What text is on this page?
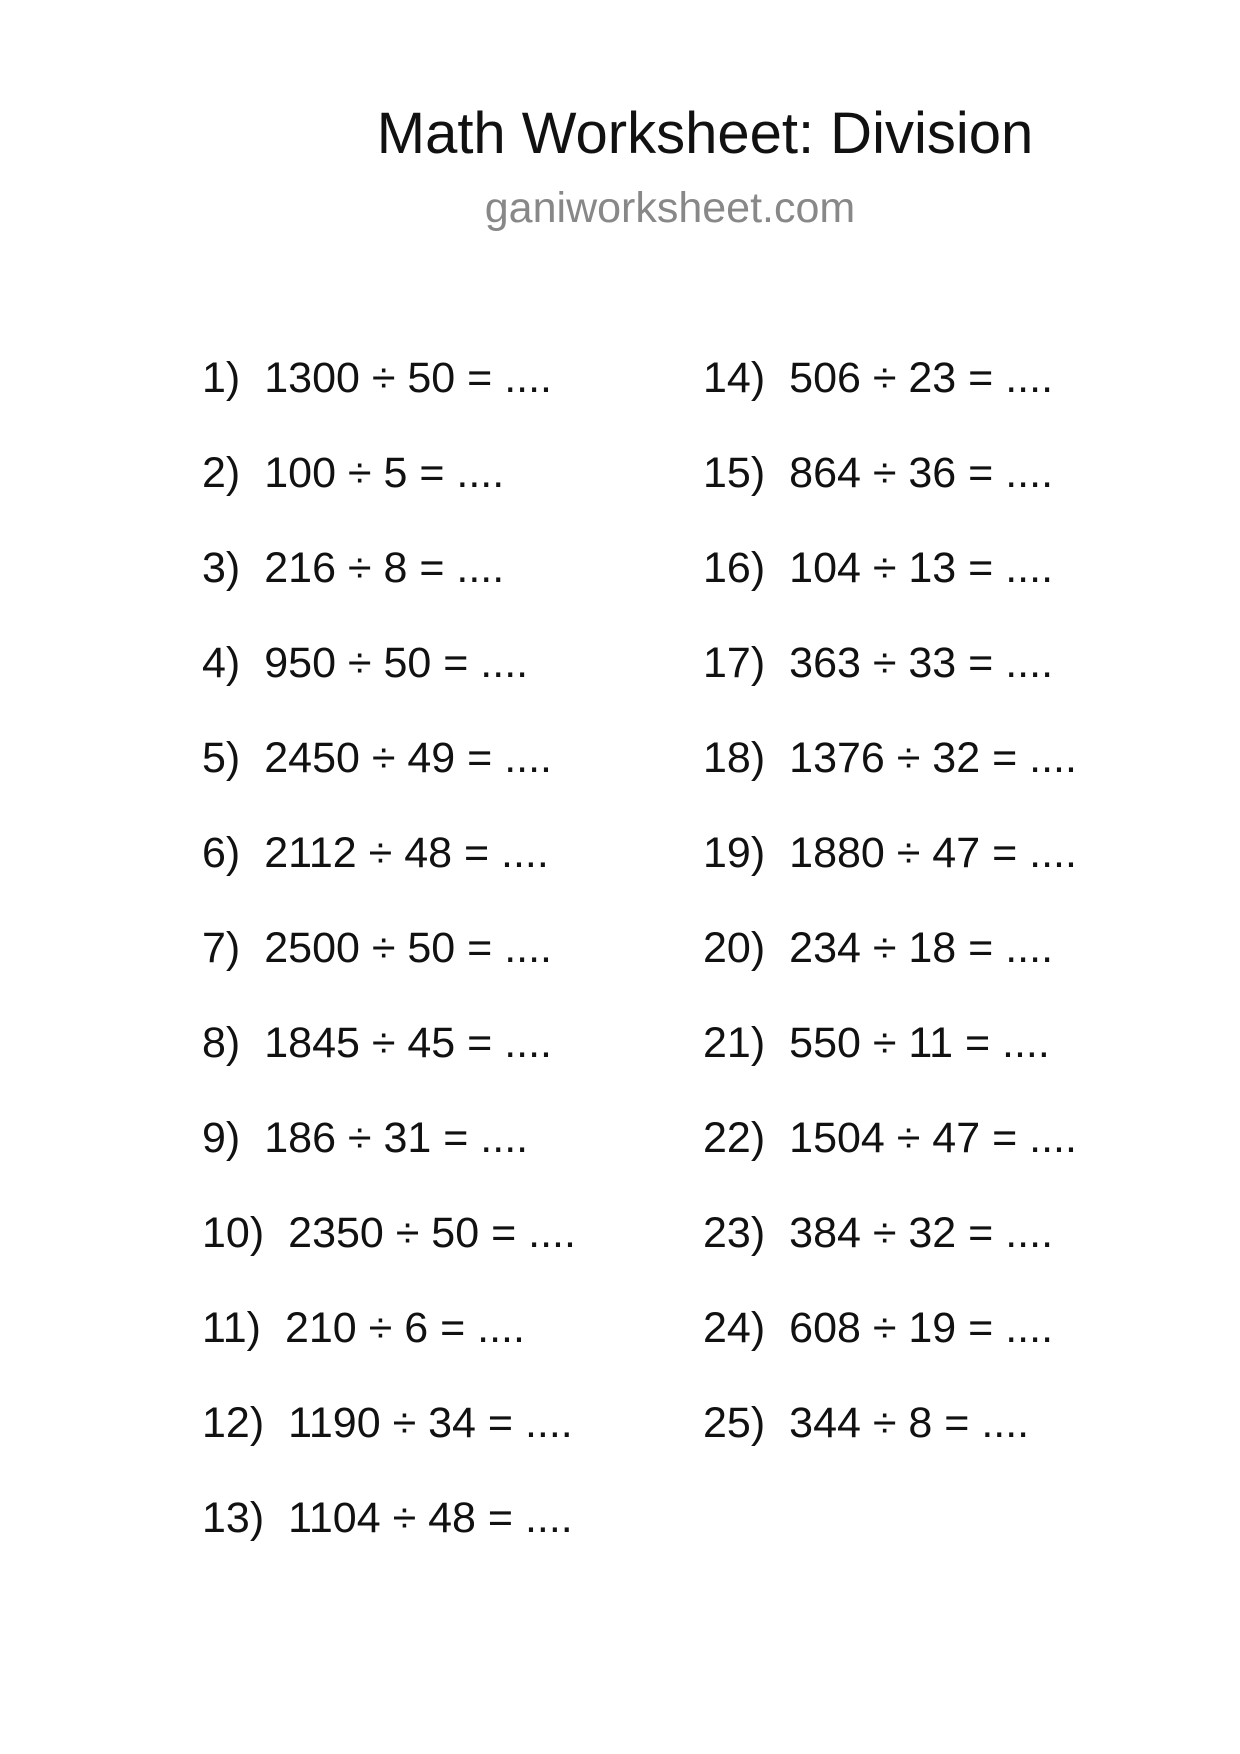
Math Worksheet: Division
ganiworksheet.com
1) 1300 ÷ 50 = ....
2) 100 ÷ 5 = ....
3) 216 ÷ 8 = ....
4) 950 ÷ 50 = ....
5) 2450 ÷ 49 = ....
6) 2112 ÷ 48 = ....
7) 2500 ÷ 50 = ....
8) 1845 ÷ 45 = ....
9) 186 ÷ 31 = ....
10) 2350 ÷ 50 = ....
11) 210 ÷ 6 = ....
12) 1190 ÷ 34 = ....
13) 1104 ÷ 48 = ....
14) 506 ÷ 23 = ....
15) 864 ÷ 36 = ....
16) 104 ÷ 13 = ....
17) 363 ÷ 33 = ....
18) 1376 ÷ 32 = ....
19) 1880 ÷ 47 = ....
20) 234 ÷ 18 = ....
21) 550 ÷ 11 = ....
22) 1504 ÷ 47 = ....
23) 384 ÷ 32 = ....
24) 608 ÷ 19 = ....
25) 344 ÷ 8 = ....
